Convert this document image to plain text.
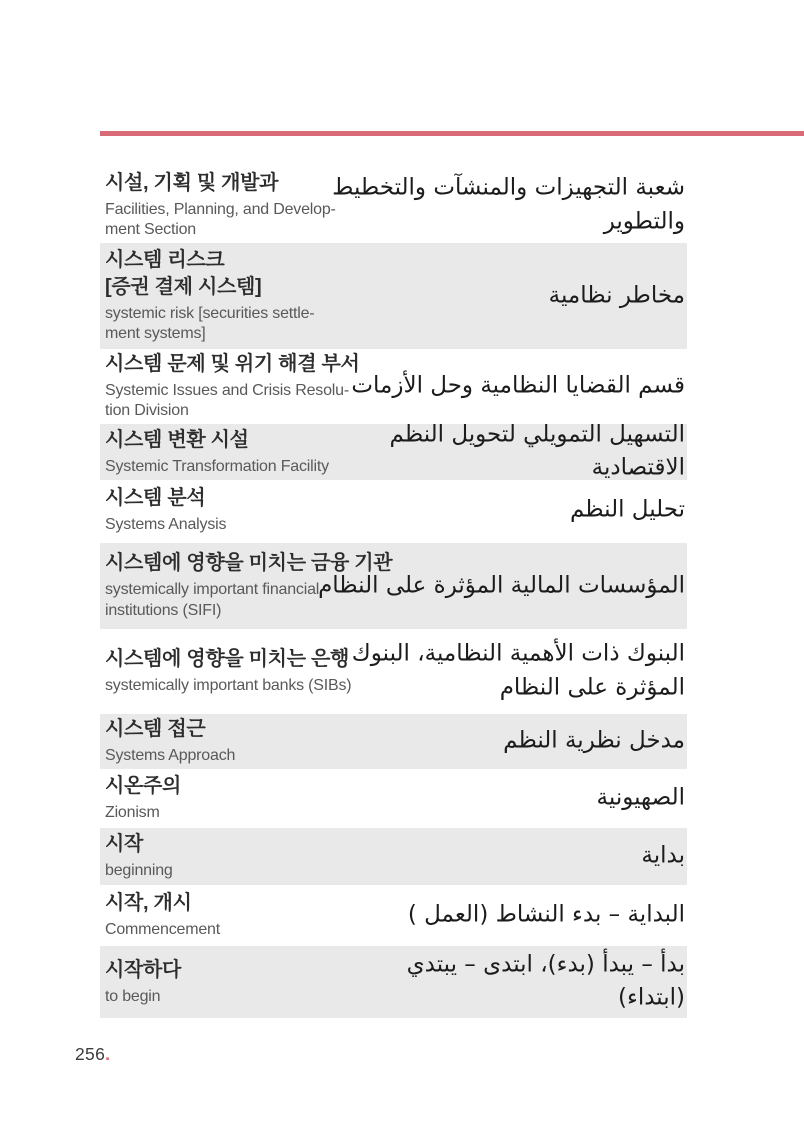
시설, 기획 및 개발과
Facilities, Planning, and Develop-
ment Section
شعبة التجهيزات والمنشآت والتخطيط
والتطوير
시스템 리스크
[증권 결제 시스템]
systemic risk [securities settle-
ment systems]
مخاطر نظامية
시스템 문제 및 위기 해결 부서
Systemic Issues and Crisis Resolu-
tion Division
قسم القضايا النظامية وحل الأزمات
시스템 변환 시설
Systemic Transformation Facility
التسهيل التمويلي لتحويل النظم
الاقتصادية
시스템 분석
Systems Analysis
تحليل النظم
시스템에 영향을 미치는 금융 기관
systemically important financial
institutions (SIFI)
المؤسسات المالية المؤثرة على النظام
시스템에 영향을 미치는 은행
systemically important banks (SIBs)
البنوك ذات الأهمية النظامية، البنوك
المؤثرة على النظام
시스템 접근
Systems Approach
مدخل نظرية النظم
시온주의
Zionism
الصهيونية
시작
beginning
بداية
시작, 개시
Commencement
البداية – بدء النشاط (العمل )
시작하다
to begin
بدأ – يبدأ (بدء)، ابتدى – يبتدي
(ابتداء)
256.
